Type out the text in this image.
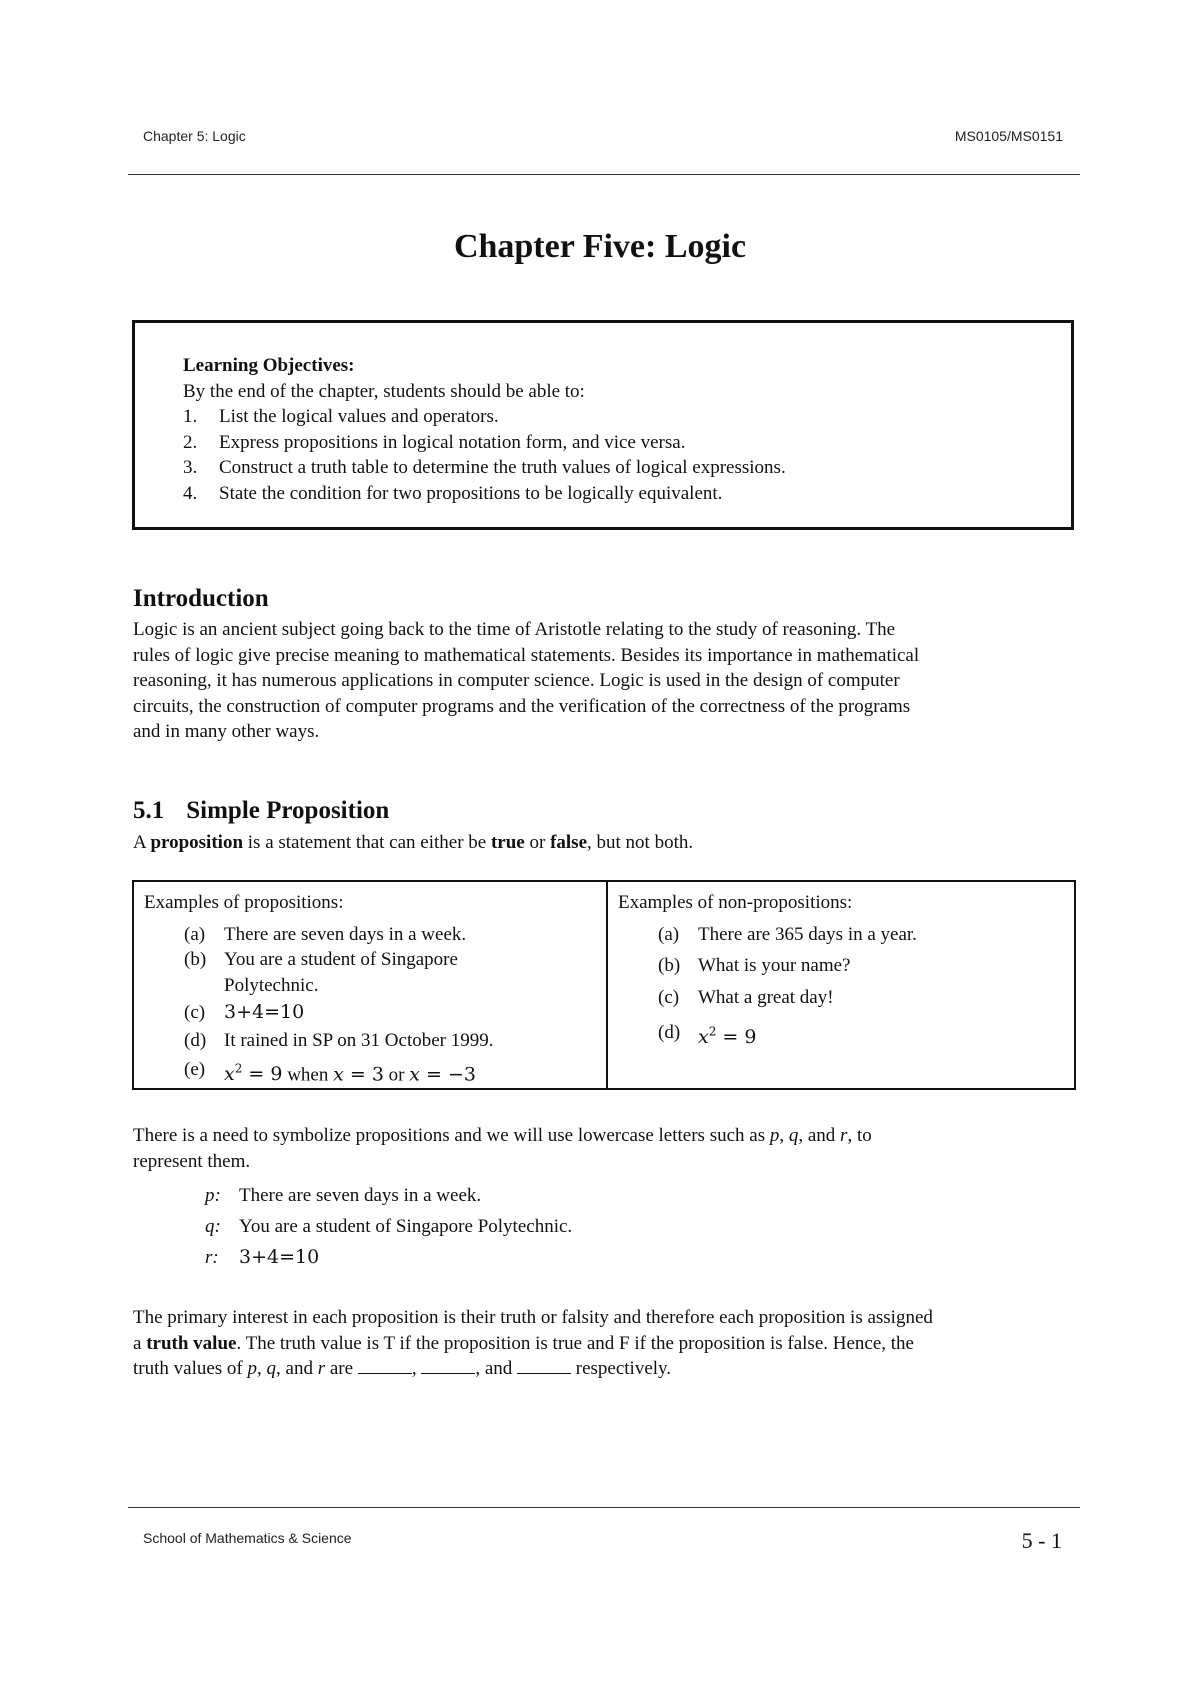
Chapter 5: Logic	MS0105/MS0151
Chapter Five: Logic
Learning Objectives:
By the end of the chapter, students should be able to:
1. List the logical values and operators.
2. Express propositions in logical notation form, and vice versa.
3. Construct a truth table to determine the truth values of logical expressions.
4. State the condition for two propositions to be logically equivalent.
Introduction
Logic is an ancient subject going back to the time of Aristotle relating to the study of reasoning. The
rules of logic give precise meaning to mathematical statements. Besides its importance in mathematical
reasoning, it has numerous applications in computer science. Logic is used in the design of computer
circuits, the construction of computer programs and the verification of the correctness of the programs
and in many other ways.
5.1 Simple Proposition
A proposition is a statement that can either be true or false, but not both.
Examples of propositions:
(a) There are seven days in a week.
(b) You are a student of Singapore
Polytechnic.
(c) 3+4=10
(d) It rained in SP on 31 October 1999.
(e) $x^2 = 9$ when x = 3 or x = −3
Examples of non-propositions:
(a) There are 365 days in a year.
(b) What is your name?
(c) What a great day!
(d) $x^2 = 9$
There is a need to symbolize propositions and we will use lowercase letters such as p, q, and r, to
represent them.
p: There are seven days in a week.
q: You are a student of Singapore Polytechnic.
r: 3+4=10
The primary interest in each proposition is their truth or falsity and therefore each proposition is assigned
a truth value. The truth value is T if the proposition is true and F if the proposition is false. Hence, the
truth values of p, q, and r are	,	, and	respectively.
School of Mathematics & Science	5 - 1
